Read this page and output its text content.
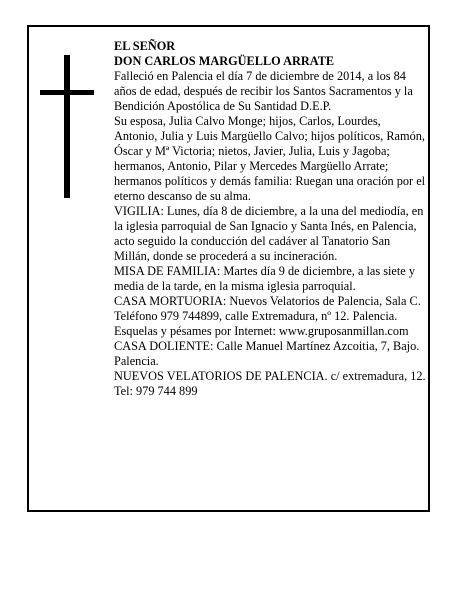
EL SEÑOR

DON CARLOS MARGÜELLO ARRATE

Falleció en Palencia el día 7 de diciembre de 2014, a los 84 años de edad, después de recibir los Santos Sacramentos y la Bendición Apostólica de Su Santidad D.E.P.

Su esposa, Julia Calvo Monge; hijos, Carlos, Lourdes, Antonio, Julia y Luis Margüello Calvo; hijos políticos, Ramón, Óscar y Mª Victoria; nietos, Javier, Julia, Luis y Jagoba; hermanos, Antonio, Pilar y Mercedes Margüello Arrate; hermanos políticos y demás familia: Ruegan una oración por el eterno descanso de su alma.

VIGILIA: Lunes, día 8 de diciembre, a la una del mediodía, en la iglesia parroquial de San Ignacio y Santa Inés, en Palencia, acto seguido la conducción del cadáver al Tanatorio San Millán, donde se procederá a su incineración.

MISA DE FAMILIA: Martes día 9 de diciembre, a las siete y media de la tarde, en la misma iglesia parroquial.

CASA MORTUORIA: Nuevos Velatorios de Palencia, Sala C. Teléfono 979 744899, calle Extremadura, nº 12. Palencia. Esquelas y pésames por Internet: www.gruposanmillan.com

CASA DOLIENTE: Calle Manuel Martínez Azcoitia, 7, Bajo. Palencia.

NUEVOS VELATORIOS DE PALENCIA. c/ extremadura, 12. Tel: 979 744 899
